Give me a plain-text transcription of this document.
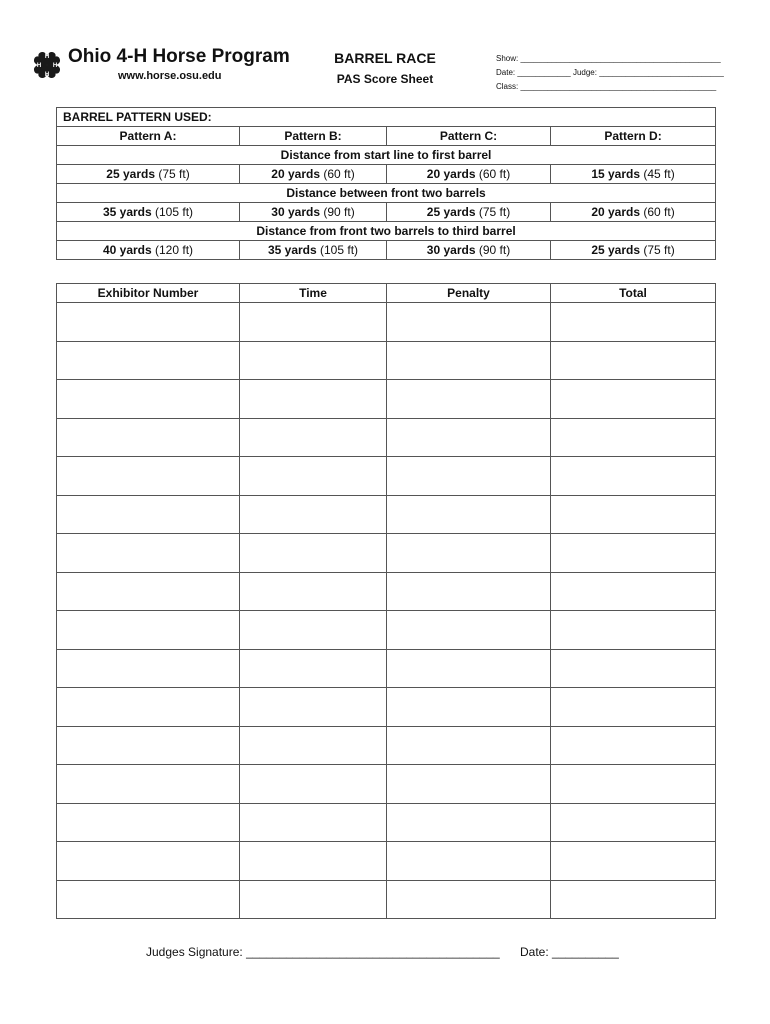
H
H
H H Ohio 4-H Horse Program
www.horse.osu.edu
BARREL RACE
PAS Score Sheet
Show: _____________________________________________
Date: ____________ Judge: ____________________________
Class: ____________________________________________
BARREL PATTERN USED:			
Pattern A:	Pattern B:	Pattern C:	Pattern D:
Distance from start line to first barrel			
25 yards (75 ft)	20 yards (60 ft)	20 yards (60 ft)	15 yards (45 ft)
Distance between front two barrels			
35 yards (105 ft)	30 yards (90 ft)	25 yards (75 ft)	20 yards (60 ft)
Distance from front two barrels to third barrel			
40 yards (120 ft)	35 yards (105 ft)	30 yards (90 ft)	25 yards (75 ft)
Exhibitor Number	Time	Penalty	Total

Judges Signature: ______________________________________ Date: __________
